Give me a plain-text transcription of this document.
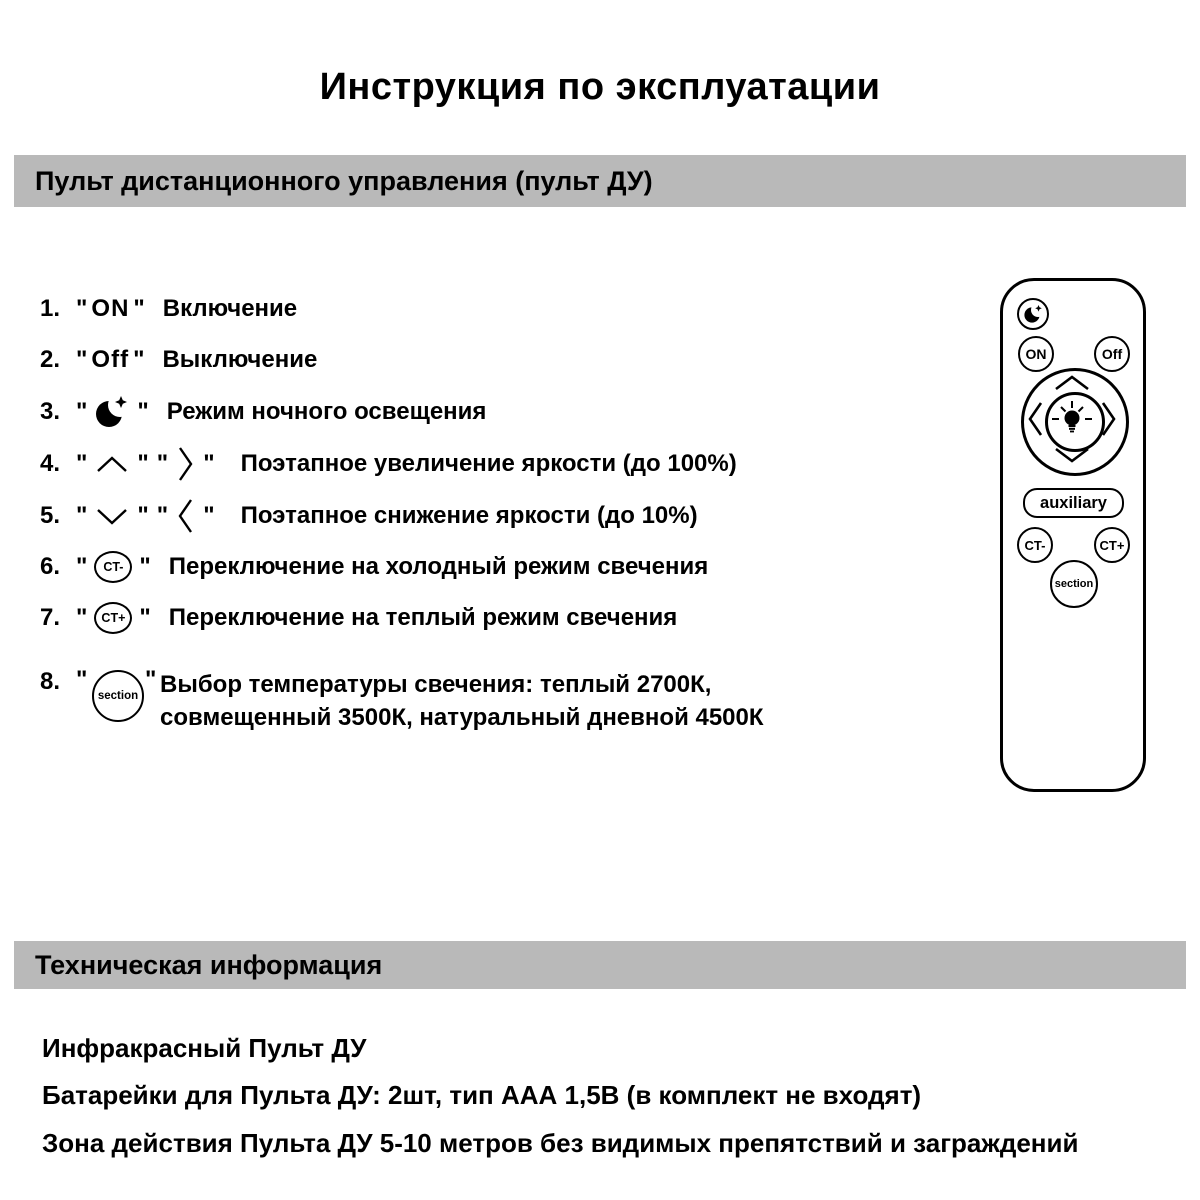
Инструкция по эксплуатации
Пульт дистанционного управления (пульт ДУ)
1. " ON " Включение
2. " Off " Выключение
3. " " Режим ночного освещения
4. " " " " Поэтапное увеличение яркости (до 100%)
5. " " " " Поэтапное снижение яркости (до 10%)
6. "	CT- " Переключение на холодный режим свечения
7. "	CT+ " Переключение на теплый режим свечения
8. "
section
" Выбор температуры свечения: теплый 2700К,
совмещенный 3500К, натуральный дневной 4500К
ON	Off
auxiliary
CT-	CT+
section
Техническая информация
Инфракрасный Пульт ДУ
Батарейки для Пульта ДУ: 2шт, тип ААА 1,5В (в комплект не входят)
Зона действия Пульта ДУ 5-10 метров без видимых препятствий и заграждений
